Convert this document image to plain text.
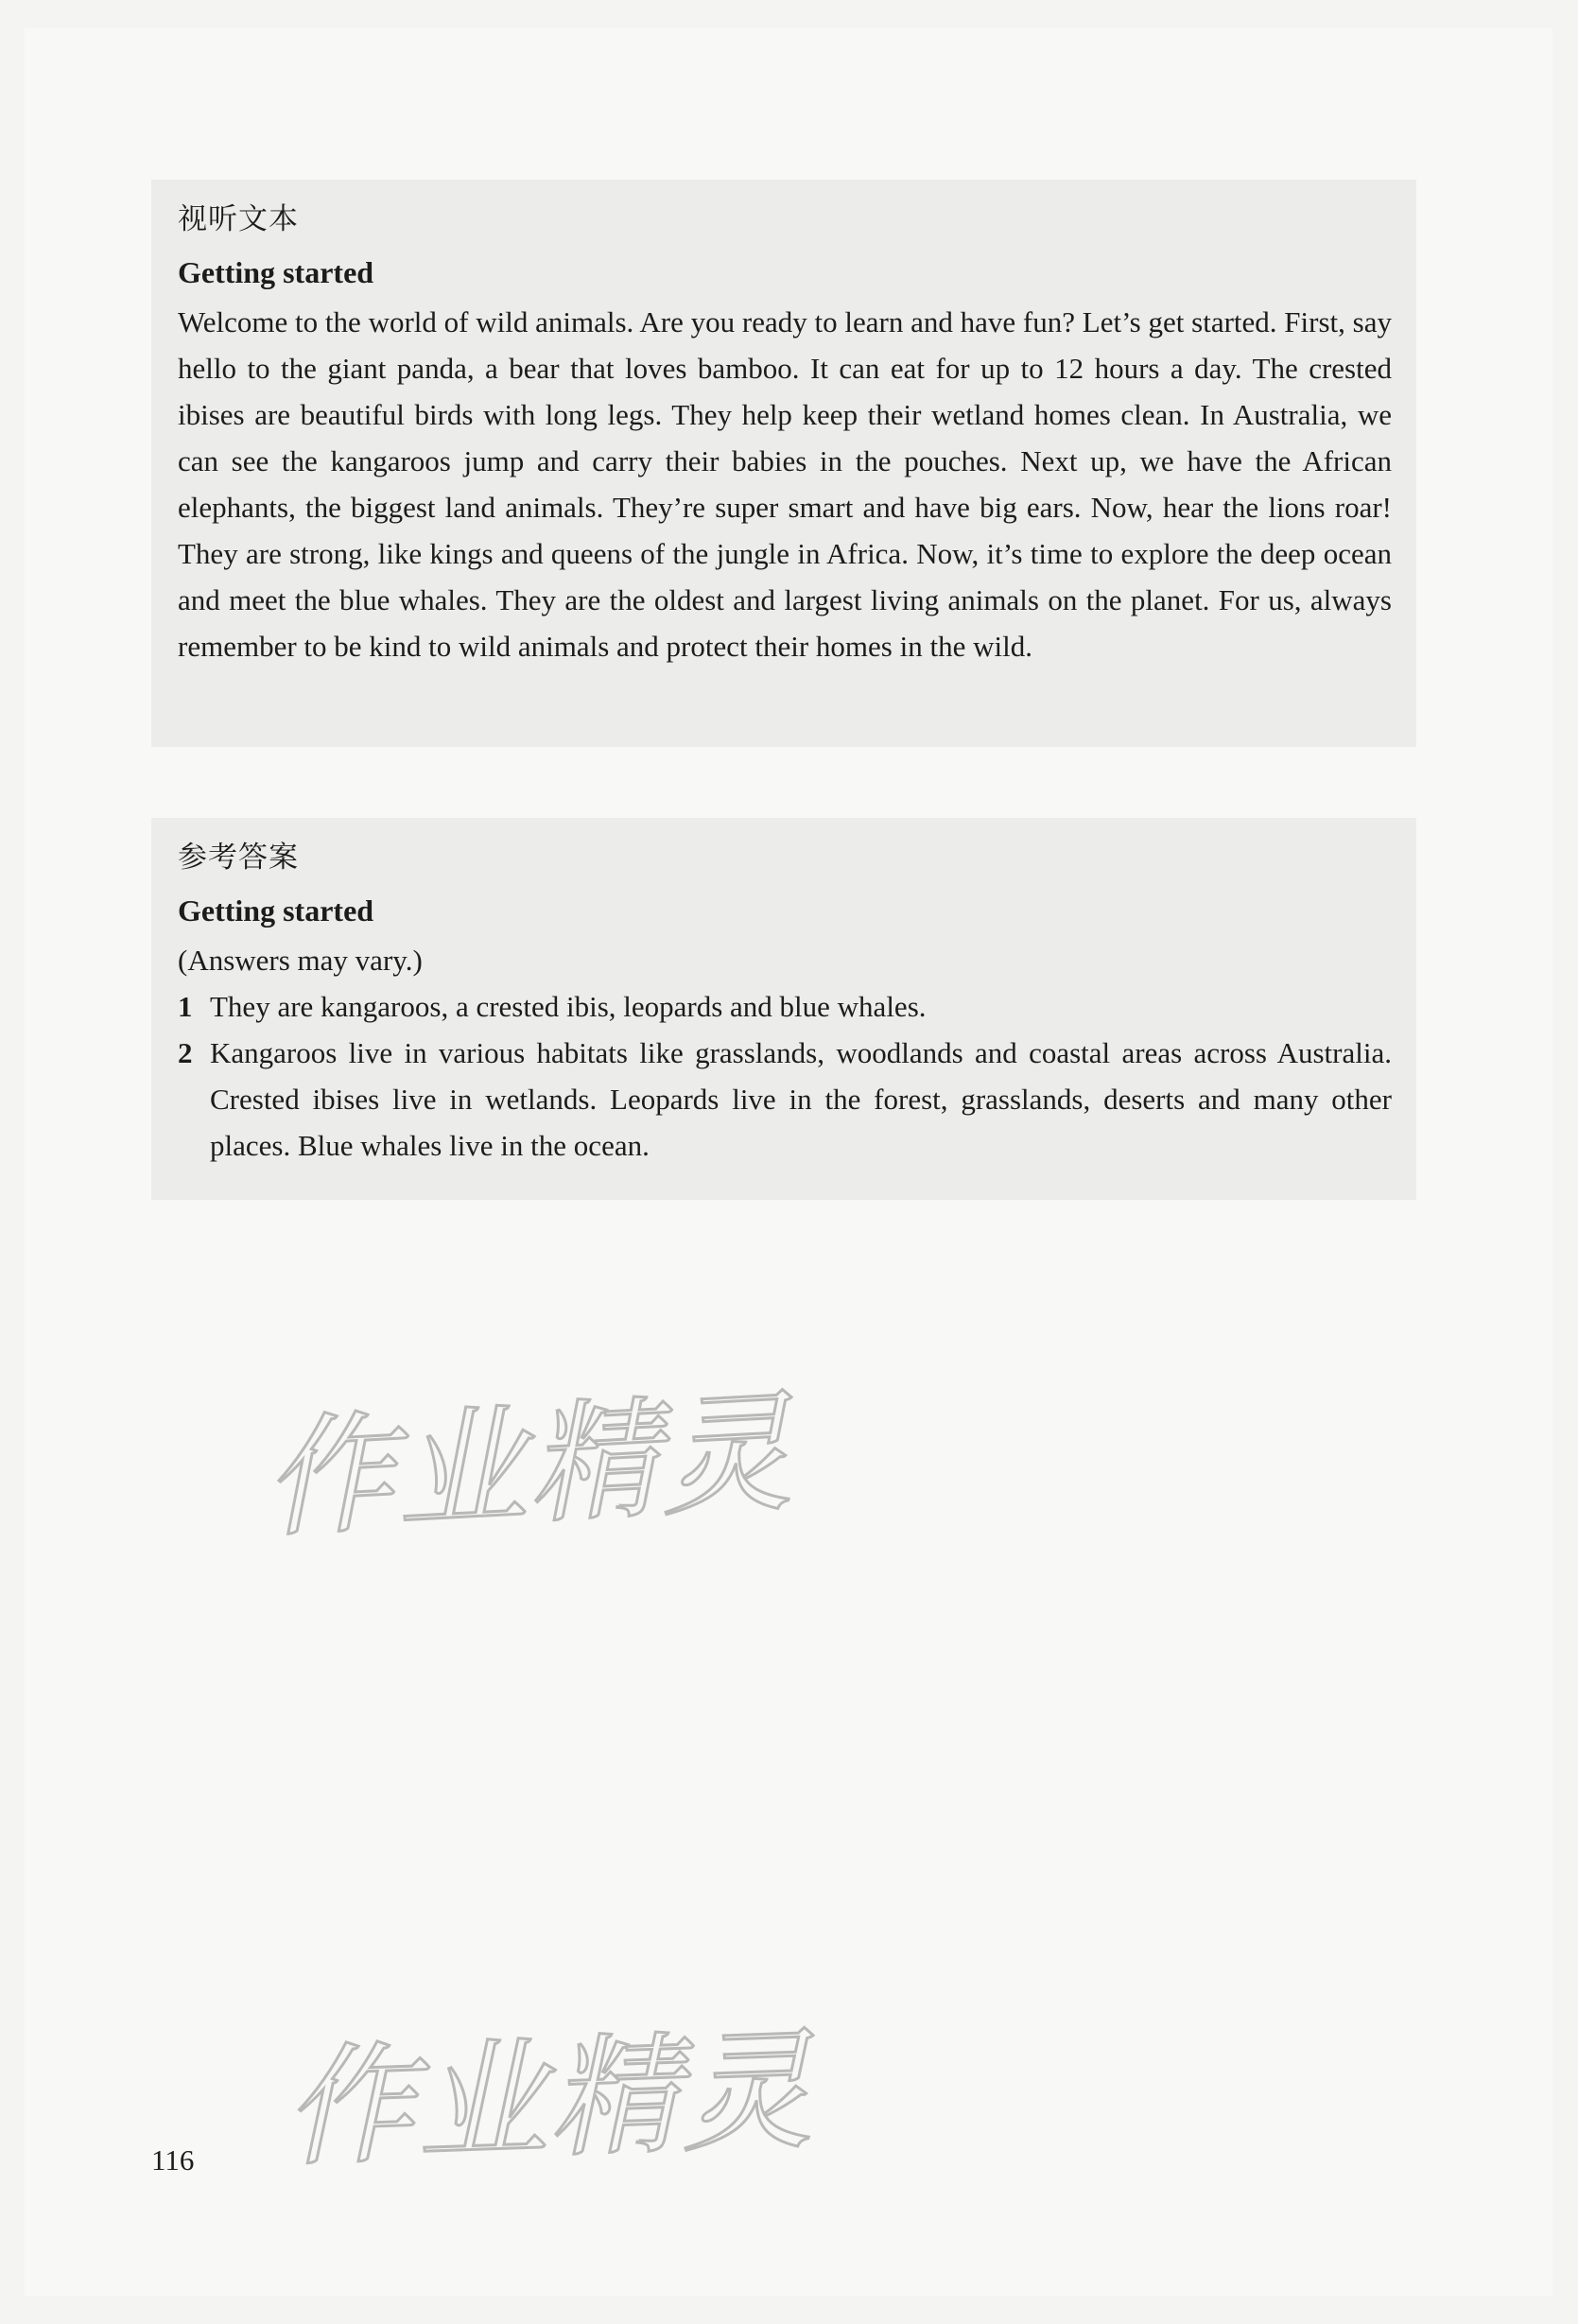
视听文本
Getting started

Welcome to the world of wild animals. Are you ready to learn and have fun? Let’s get started. First, say hello to the giant panda, a bear that loves bamboo. It can eat for up to 12 hours a day. The crested ibises are beautiful birds with long legs. They help keep their wetland homes clean. In Australia, we can see the kangaroos jump and carry their babies in the pouches. Next up, we have the African elephants, the biggest land animals. They’re super smart and have big ears. Now, hear the lions roar! They are strong, like kings and queens of the jungle in Africa. Now, it’s time to explore the deep ocean and meet the blue whales. They are the oldest and largest living animals on the planet. For us, always remember to be kind to wild animals and protect their homes in the wild.

参考答案
Getting started

(Answers may vary.)

1 They are kangaroos, a crested ibis, leopards and blue whales.
2 Kangaroos live in various habitats like grasslands, woodlands and coastal areas across Australia. Crested ibises live in wetlands. Leopards live in the forest, grasslands, deserts and many other places. Blue whales live in the ocean.
作业精灵
作业精灵
116
